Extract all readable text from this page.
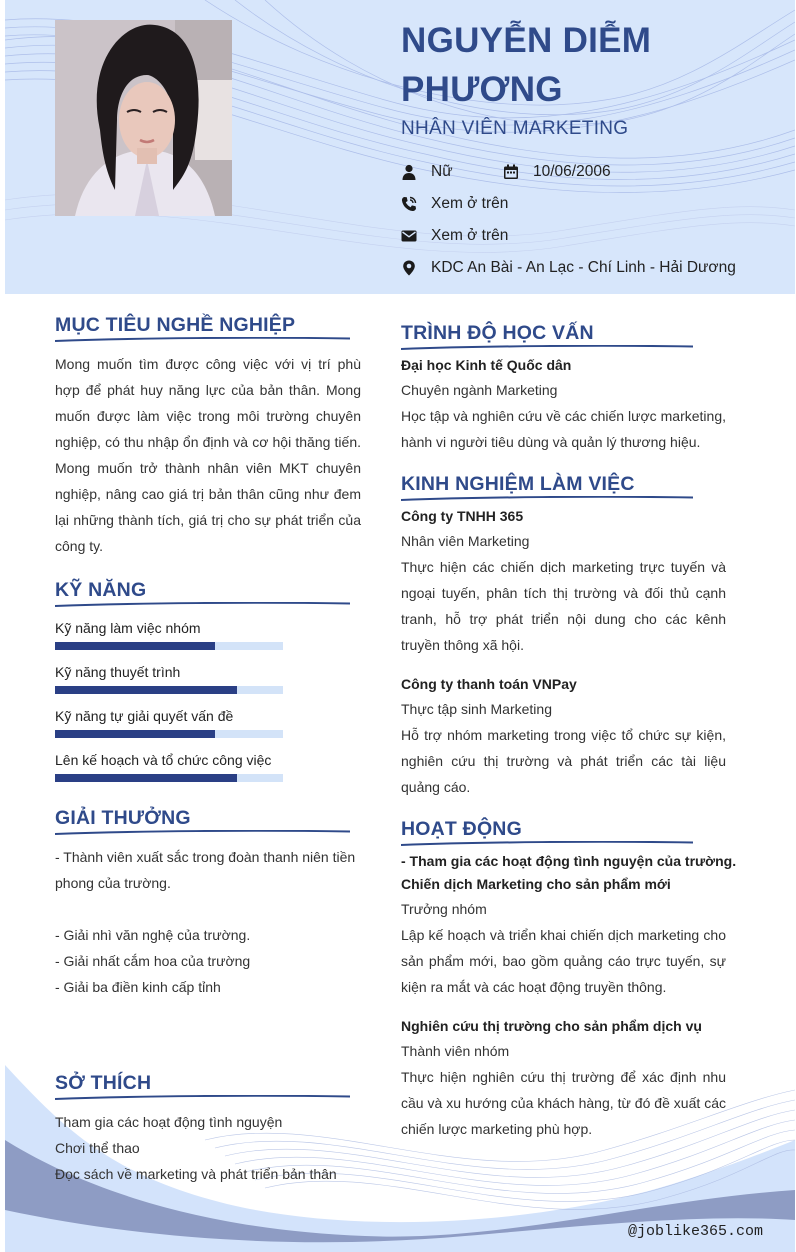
NGUYỄN DIỄM
PHƯƠNG
NHÂN VIÊN MARKETING
Nữ	10/06/2006
Xem ở trên
Xem ở trên
KDC An Bài - An Lạc - Chí Linh - Hải Dương
MỤC TIÊU NGHỀ NGHIỆP
Mong muốn tìm được công việc với vị trí phù hợp để phát huy năng lực của bản thân. Mong muốn được làm việc trong môi trường chuyên nghiệp, có thu nhập ổn định và cơ hội thăng tiến. Mong muốn trở thành nhân viên MKT chuyên nghiệp, nâng cao giá trị bản thân cũng như đem lại những thành tích, giá trị cho sự phát triển của công ty.
KỸ NĂNG
Kỹ năng làm việc nhóm
Kỹ năng thuyết trình
Kỹ năng tự giải quyết vấn đề
Lên kế hoạch và tổ chức công việc
GIẢI THƯỞNG
- Thành viên xuất sắc trong đoàn thanh niên tiền
phong của trường.
- Giải nhì văn nghệ của trường.
- Giải nhất cắm hoa của trường
- Giải ba điền kinh cấp tỉnh
SỞ THÍCH
Tham gia các hoạt động tình nguyện
Chơi thể thao
Đọc sách về marketing và phát triển bản thân
TRÌNH ĐỘ HỌC VẤN
Đại học Kinh tế Quốc dân
Chuyên ngành Marketing
Học tập và nghiên cứu về các chiến lược marketing, hành vi người tiêu dùng và quản lý thương hiệu.
KINH NGHIỆM LÀM VIỆC
Công ty TNHH 365
Nhân viên Marketing
Thực hiện các chiến dịch marketing trực tuyến và ngoại tuyến, phân tích thị trường và đối thủ cạnh tranh, hỗ trợ phát triển nội dung cho các kênh truyền thông xã hội.
Công ty thanh toán VNPay
Thực tập sinh Marketing
Hỗ trợ nhóm marketing trong việc tổ chức sự kiện, nghiên cứu thị trường và phát triển các tài liệu quảng cáo.
HOẠT ĐỘNG
- Tham gia các hoạt động tình nguyện của trường.
Chiến dịch Marketing cho sản phẩm mới
Trưởng nhóm
Lập kế hoạch và triển khai chiến dịch marketing cho sản phẩm mới, bao gồm quảng cáo trực tuyến, sự kiện ra mắt và các hoạt động truyền thông.
Nghiên cứu thị trường cho sản phẩm dịch vụ
Thành viên nhóm
Thực hiện nghiên cứu thị trường để xác định nhu cầu và xu hướng của khách hàng, từ đó đề xuất các chiến lược marketing phù hợp.
@joblike365.com
